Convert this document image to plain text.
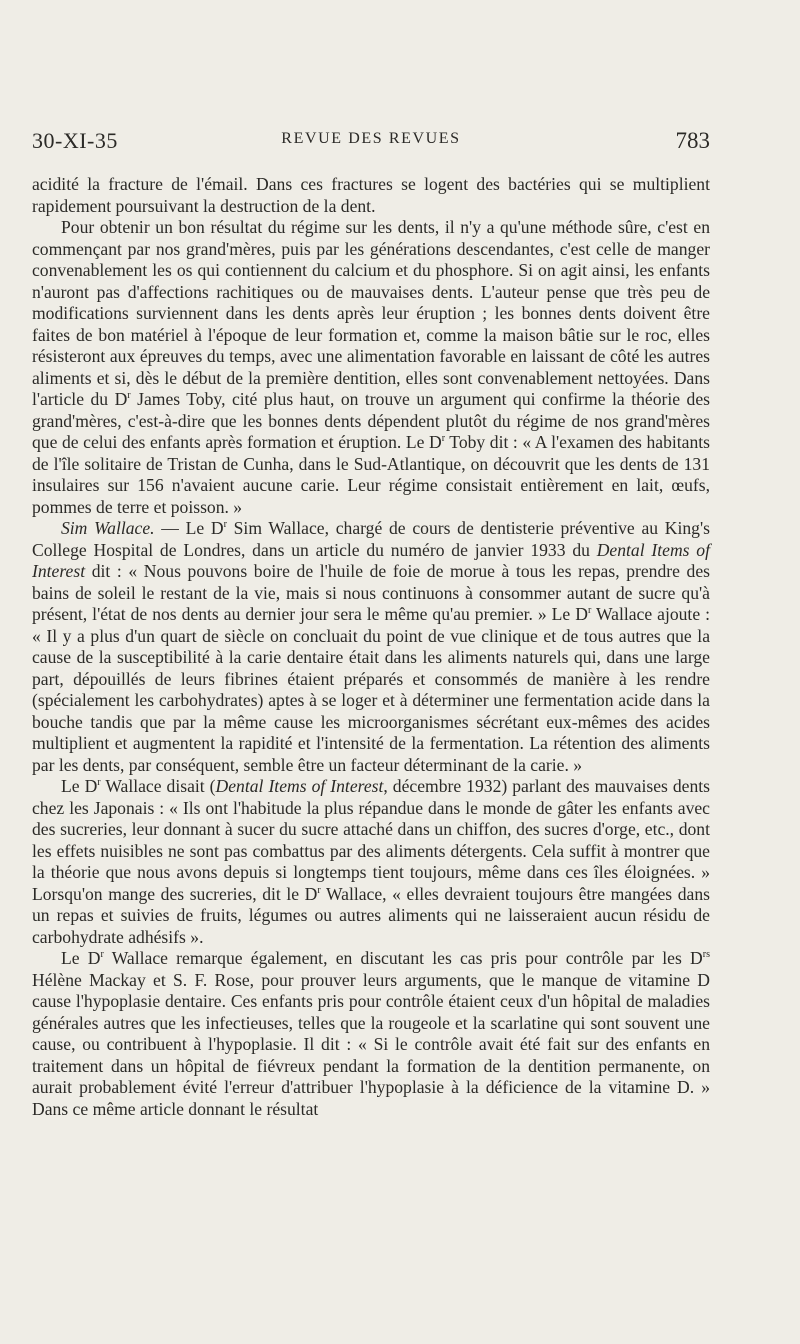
30-XI-35	REVUE DES REVUES	783

acidité la fracture de l'émail. Dans ces fractures se logent des bactéries qui se multiplient rapidement poursuivant la destruction de la dent.

Pour obtenir un bon résultat du régime sur les dents, il n'y a qu'une méthode sûre, c'est en commençant par nos grand'mères, puis par les générations descendantes, c'est celle de manger convenablement les os qui contiennent du calcium et du phosphore. Si on agit ainsi, les enfants n'auront pas d'affections rachitiques ou de mauvaises dents. L'auteur pense que très peu de modifications surviennent dans les dents après leur éruption ; les bonnes dents doivent être faites de bon matériel à l'époque de leur formation et, comme la maison bâtie sur le roc, elles résisteront aux épreuves du temps, avec une alimentation favorable en laissant de côté les autres aliments et si, dès le début de la première dentition, elles sont convenablement nettoyées. Dans l'article du $D^r$ James Toby, cité plus haut, on trouve un argument qui confirme la théorie des grand'mères, c'est-à-dire que les bonnes dents dépendent plutôt du régime de nos grand'mères que de celui des enfants après formation et éruption. Le $D^r$ Toby dit : « A l'examen des habitants de l'île solitaire de Tristan de Cunha, dans le Sud-Atlantique, on découvrit que les dents de 131 insulaires sur 156 n'avaient aucune carie. Leur régime consistait entièrement en lait, œufs, pommes de terre et poisson. »

Sim Wallace. — Le $D^r$ Sim Wallace, chargé de cours de dentisterie préventive au King's College Hospital de Londres, dans un article du numéro de janvier 1933 du Dental Items of Interest dit : « Nous pouvons boire de l'huile de foie de morue à tous les repas, prendre des bains de soleil le restant de la vie, mais si nous continuons à consommer autant de sucre qu'à présent, l'état de nos dents au dernier jour sera le même qu'au premier. » Le $D^r$ Wallace ajoute : « Il y a plus d'un quart de siècle on concluait du point de vue clinique et de tous autres que la cause de la susceptibilité à la carie dentaire était dans les aliments naturels qui, dans une large part, dépouillés de leurs fibrines étaient préparés et consommés de manière à les rendre (spécialement les carbohydrates) aptes à se loger et à déterminer une fermentation acide dans la bouche tandis que par la même cause les microorganismes sécrétant eux-mêmes des acides multiplient et augmentent la rapidité et l'intensité de la fermentation. La rétention des aliments par les dents, par conséquent, semble être un facteur déterminant de la carie. »

Le $D^r$ Wallace disait (Dental Items of Interest, décembre 1932) parlant des mauvaises dents chez les Japonais : « Ils ont l'habitude la plus répandue dans le monde de gâter les enfants avec des sucreries, leur donnant à sucer du sucre attaché dans un chiffon, des sucres d'orge, etc., dont les effets nuisibles ne sont pas combattus par des aliments détergents. Cela suffit à montrer que la théorie que nous avons depuis si longtemps tient toujours, même dans ces îles éloignées. » Lorsqu'on mange des sucreries, dit le $D^r$ Wallace, « elles devraient toujours être mangées dans un repas et suivies de fruits, légumes ou autres aliments qui ne laisseraient aucun résidu de carbohydrate adhésifs ».

Le $D^r$ Wallace remarque également, en discutant les cas pris pour contrôle par les $D^{rs}$ Hélène Mackay et S. F. Rose, pour prouver leurs arguments, que le manque de vitamine D cause l'hypoplasie dentaire. Ces enfants pris pour contrôle étaient ceux d'un hôpital de maladies générales autres que les infectieuses, telles que la rougeole et la scarlatine qui sont souvent une cause, ou contribuent à l'hypoplasie. Il dit : « Si le contrôle avait été fait sur des enfants en traitement dans un hôpital de fiévreux pendant la formation de la dentition permanente, on aurait probablement évité l'erreur d'attribuer l'hypoplasie à la déficience de la vitamine D. » Dans ce même article donnant le résultat
